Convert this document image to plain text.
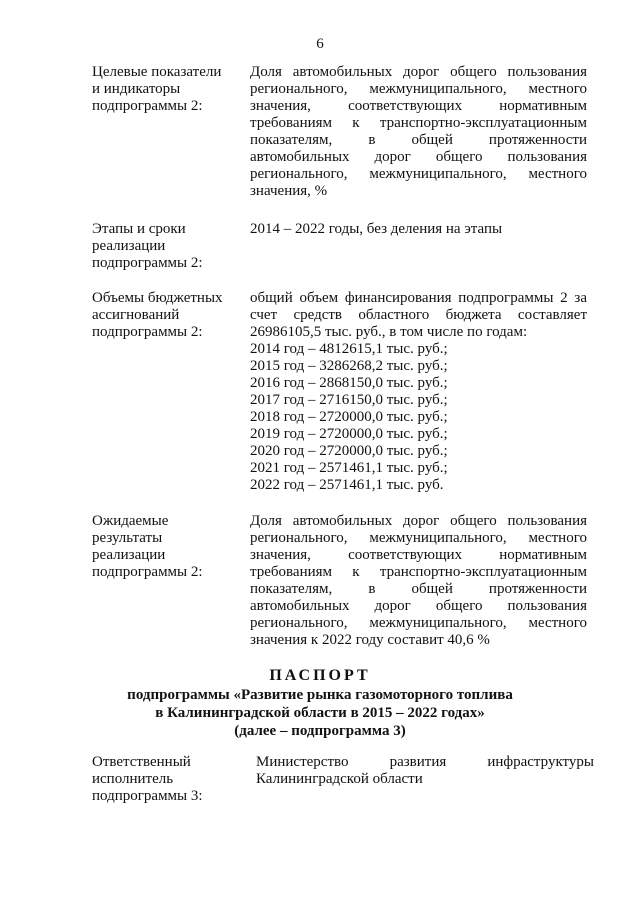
6
Целевые показатели
и индикаторы
подпрограммы 2:
Доля автомобильных дорог общего пользования
регионального, межмуниципального, местного
значения, соответствующих нормативным
требованиям к транспортно-эксплуатационным
показателям, в общей протяженности
автомобильных дорог общего пользования
регионального, межмуниципального, местного
значения, %
Этапы и сроки
реализации
подпрограммы 2:
2014 – 2022 годы, без деления на этапы
Объемы бюджетных
ассигнований
подпрограммы 2:
общий объем финансирования подпрограммы 2 за
счет средств областного бюджета составляет
26986105,5 тыс. руб., в том числе по годам:
2014 год – 4812615,1 тыс. руб.;
2015 год – 3286268,2 тыс. руб.;
2016 год – 2868150,0 тыс. руб.;
2017 год – 2716150,0 тыс. руб.;
2018 год – 2720000,0 тыс. руб.;
2019 год – 2720000,0 тыс. руб.;
2020 год – 2720000,0 тыс. руб.;
2021 год – 2571461,1 тыс. руб.;
2022 год – 2571461,1 тыс. руб.
Ожидаемые
результаты
реализации
подпрограммы 2:
Доля автомобильных дорог общего пользования
регионального, межмуниципального, местного
значения, соответствующих нормативным
требованиям к транспортно-эксплуатационным
показателям, в общей протяженности
автомобильных дорог общего пользования
регионального, межмуниципального, местного
значения к 2022 году составит 40,6 %
ПАСПОРТ
подпрограммы «Развитие рынка газомоторного топлива
в Калининградской области в 2015 – 2022 годах»
(далее – подпрограмма 3)
Ответственный
исполнитель
подпрограммы 3:
Министерство развития инфраструктуры
Калининградской области
